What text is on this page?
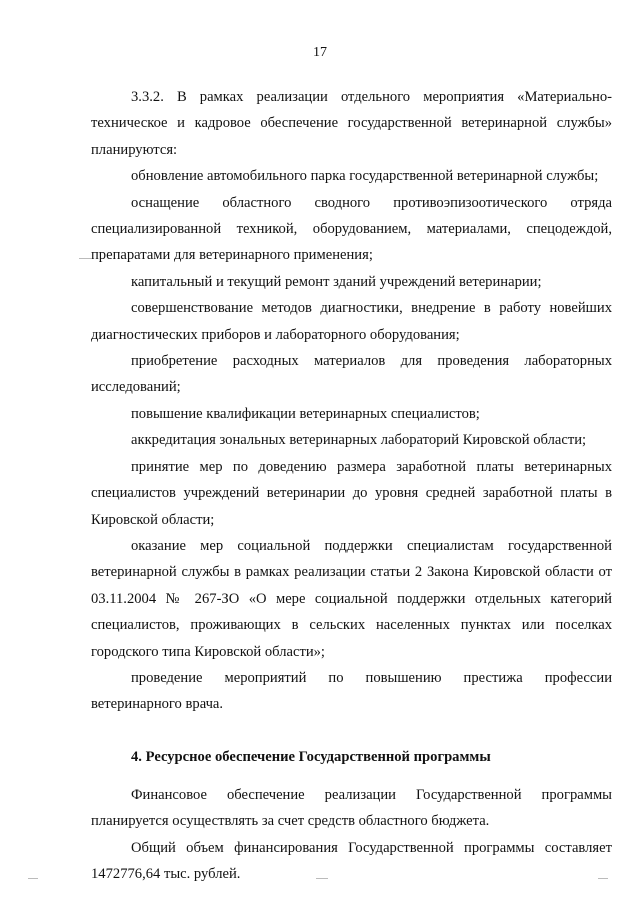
17

3.3.2. В рамках реализации отдельного мероприятия «Материально-техническое и кадровое обеспечение государственной ветеринарной службы» планируются:

обновление автомобильного парка государственной ветеринарной службы;

оснащение областного сводного противоэпизоотического отряда специализированной техникой, оборудованием, материалами, спецодеждой, препаратами для ветеринарного применения;

капитальный и текущий ремонт зданий учреждений ветеринарии;

совершенствование методов диагностики, внедрение в работу новейших диагностических приборов и лабораторного оборудования;

приобретение расходных материалов для проведения лабораторных исследований;

повышение квалификации ветеринарных специалистов;

аккредитация зональных ветеринарных лабораторий Кировской области;

принятие мер по доведению размера заработной платы ветеринарных специалистов учреждений ветеринарии до уровня средней заработной платы в Кировской области;

оказание мер социальной поддержки специалистам государственной ветеринарной службы в рамках реализации статьи 2 Закона Кировской области от 03.11.2004 № 267-ЗО «О мере социальной поддержки отдельных категорий специалистов, проживающих в сельских населенных пунктах или поселках городского типа Кировской области»;

проведение мероприятий по повышению престижа профессии ветеринарного врача.

4. Ресурсное обеспечение Государственной программы

Финансовое обеспечение реализации Государственной программы планируется осуществлять за счет средств областного бюджета.

Общий объем финансирования Государственной программы составляет 1472776,64 тыс. рублей.
